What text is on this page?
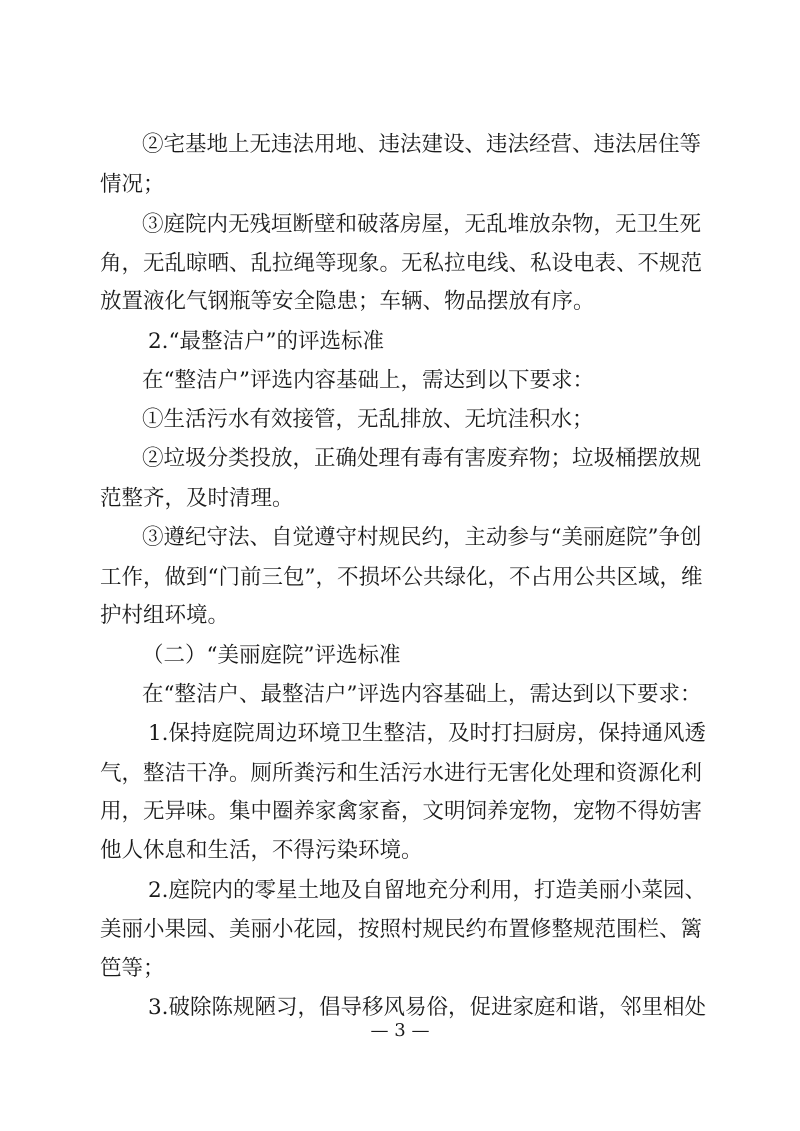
②宅基地上无违法用地、违法建设、违法经营、违法居住等
情况；
③庭院内无残垣断壁和破落房屋，无乱堆放杂物，无卫生死
角，无乱晾晒、乱拉绳等现象。无私拉电线、私设电表、不规范
放置液化气钢瓶等安全隐患；车辆、物品摆放有序。
2.“最整洁户”的评选标准
在“整洁户”评选内容基础上，需达到以下要求：
①生活污水有效接管，无乱排放、无坑洼积水；
②垃圾分类投放，正确处理有毒有害废弃物；垃圾桶摆放规
范整齐，及时清理。
③遵纪守法、自觉遵守村规民约，主动参与“美丽庭院”争创
工作，做到“门前三包”，不损坏公共绿化，不占用公共区域，维
护村组环境。
（二）“美丽庭院”评选标准
在“整洁户、最整洁户”评选内容基础上，需达到以下要求：
1.保持庭院周边环境卫生整洁，及时打扫厨房，保持通风透
气，整洁干净。厕所粪污和生活污水进行无害化处理和资源化利
用，无异味。集中圈养家禽家畜，文明饲养宠物，宠物不得妨害
他人休息和生活，不得污染环境。
2.庭院内的零星土地及自留地充分利用，打造美丽小菜园、
美丽小果园、美丽小花园，按照村规民约布置修整规范围栏、篱
笆等；
3.破除陈规陋习，倡导移风易俗，促进家庭和谐，邻里相处
— 3 —
